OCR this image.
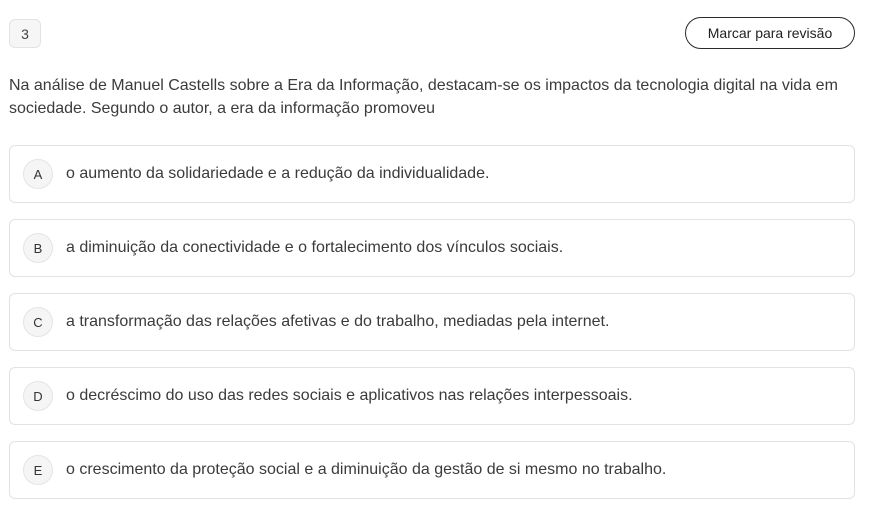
3	Marcar para revisão

Na análise de Manuel Castells sobre a Era da Informação, destacam-se os impactos da tecnologia digital na vida em sociedade. Segundo o autor, a era da informação promoveu

A	o aumento da solidariedade e a redução da individualidade.
B	a diminuição da conectividade e o fortalecimento dos vínculos sociais.
C	a transformação das relações afetivas e do trabalho, mediadas pela internet.
D	o decréscimo do uso das redes sociais e aplicativos nas relações interpessoais.
E	o crescimento da proteção social e a diminuição da gestão de si mesmo no trabalho.
